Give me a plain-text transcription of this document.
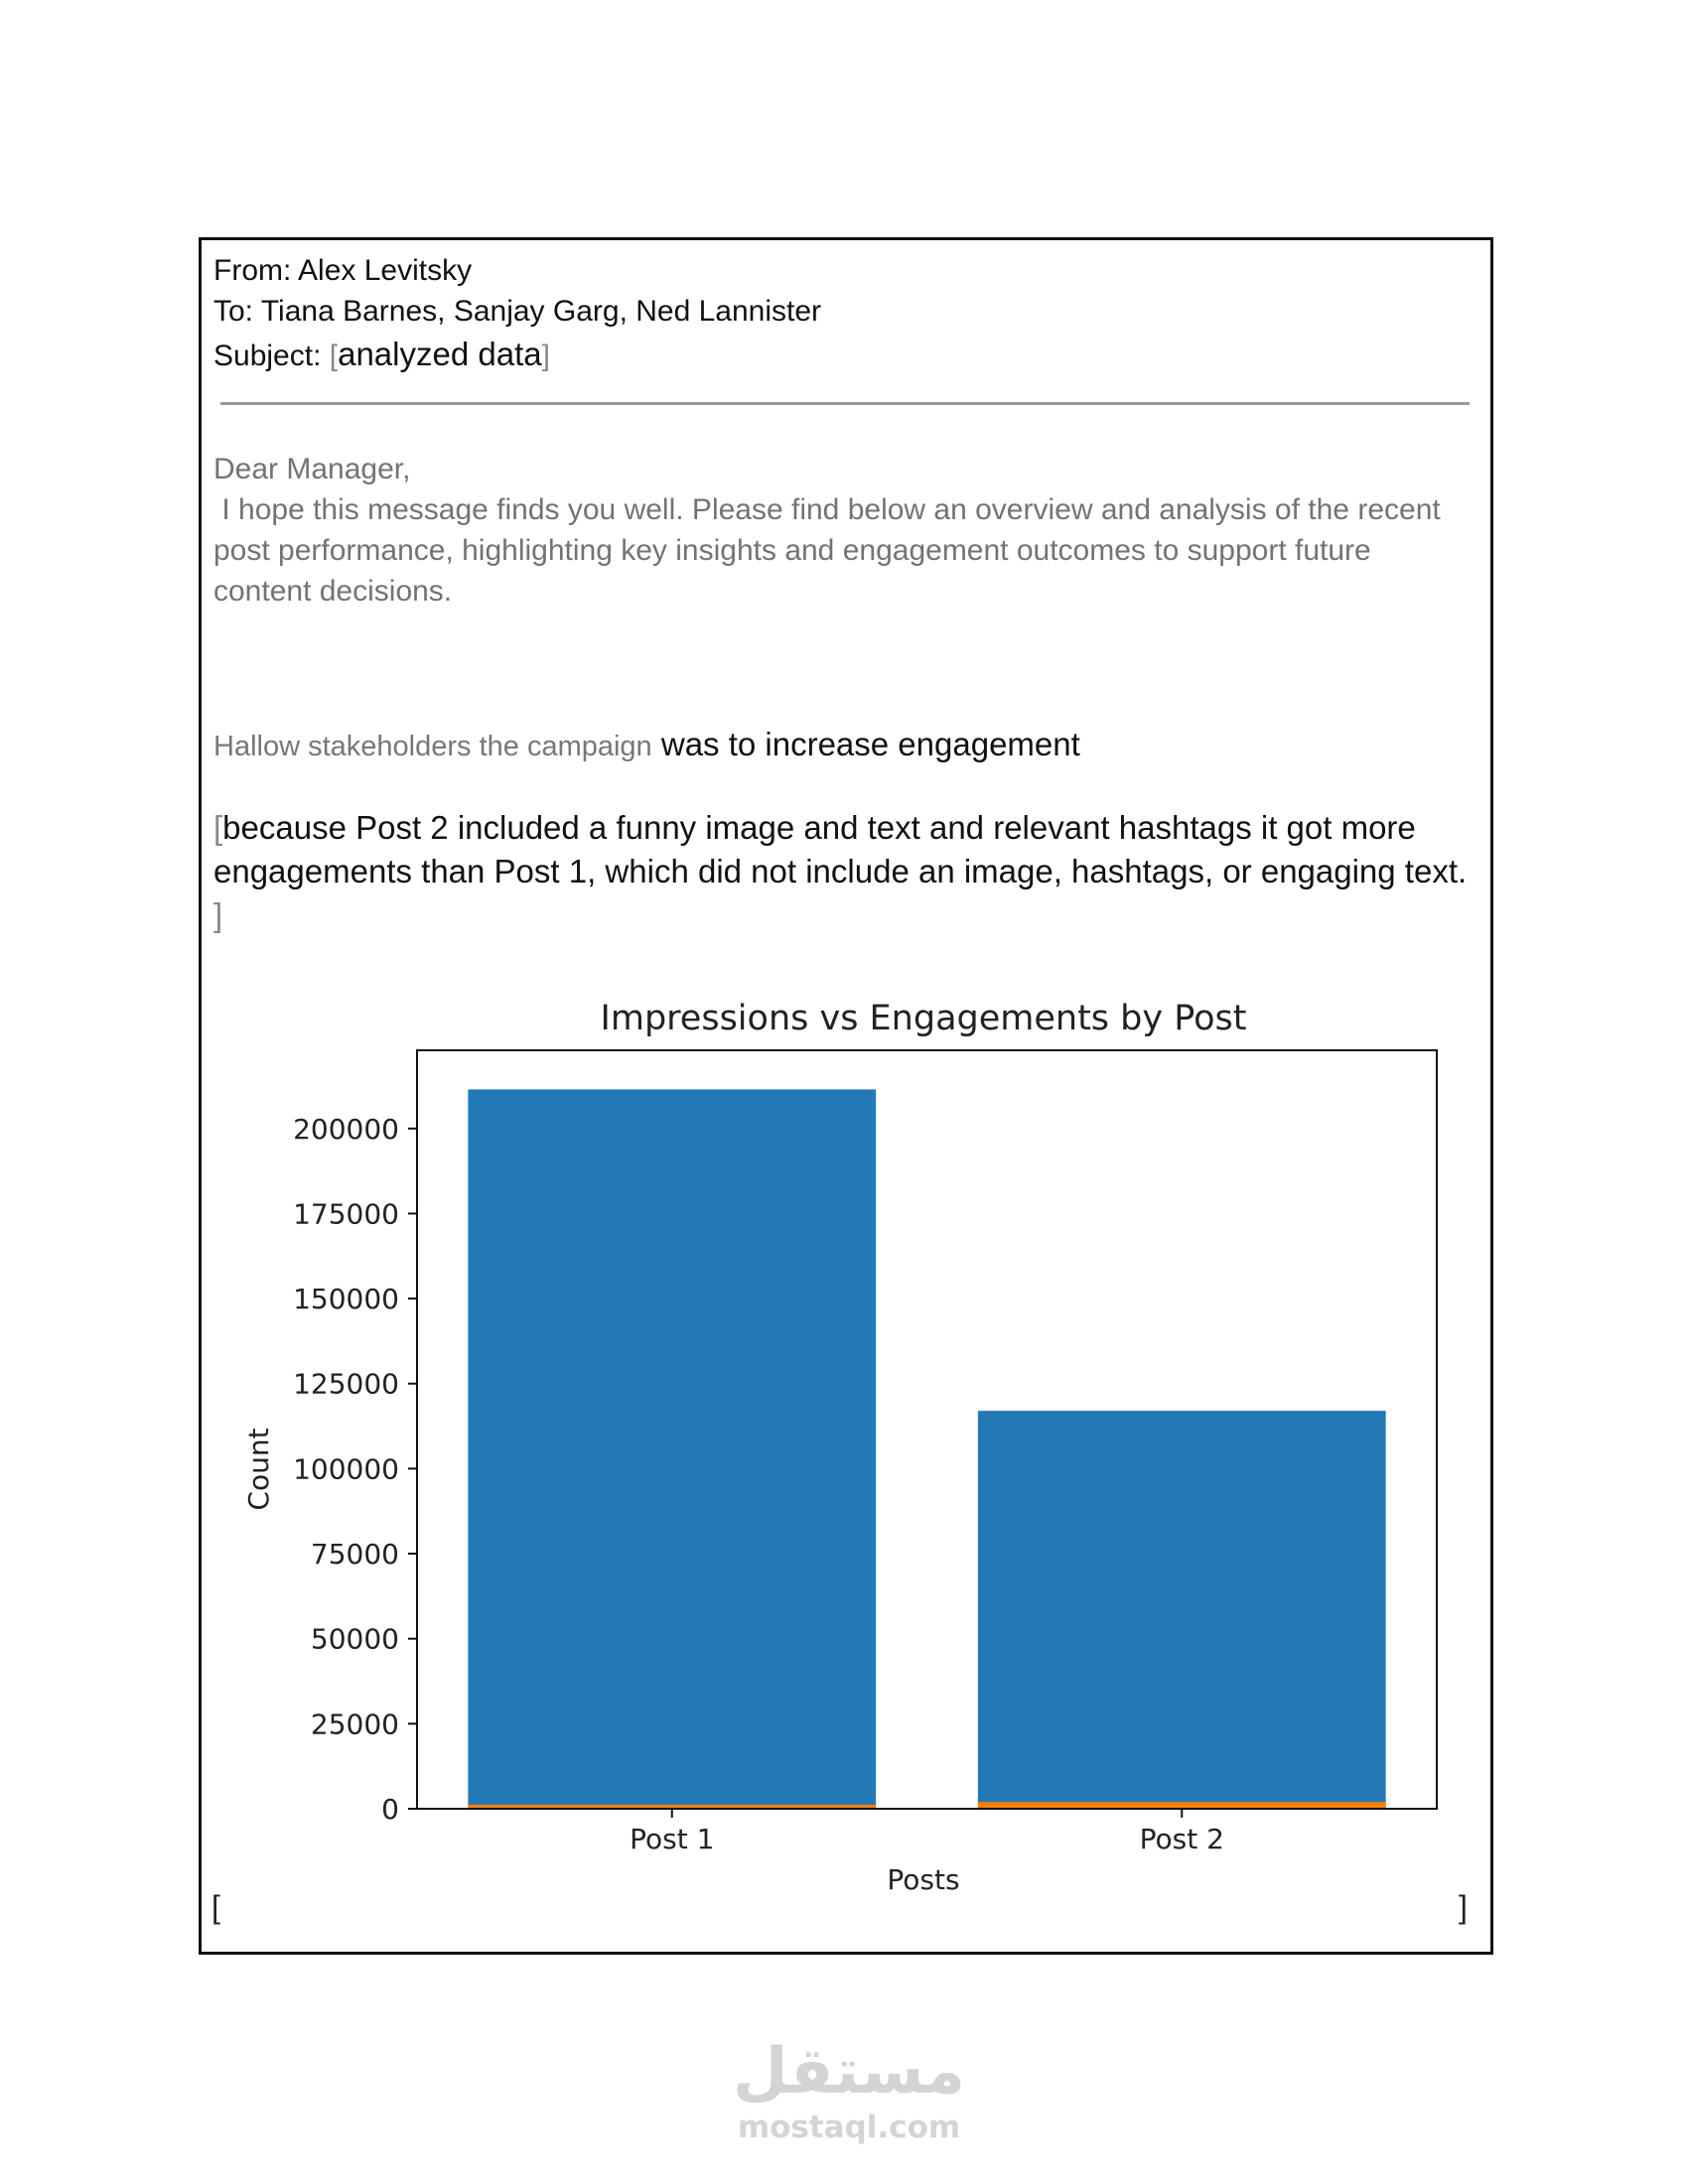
From: Alex Levitsky
To: Tiana Barnes, Sanjay Garg, Ned Lannister
Subject: [analyzed data]
Dear Manager,
I hope this message finds you well. Please find below an overview and analysis of the recent post performance, highlighting key insights and engagement outcomes to support future content decisions.
Hallow stakeholders the campaign was to increase engagement
[because Post 2 included a funny image and text and relevant hashtags it got more engagements than Post 1, which did not include an image, hashtags, or engaging text. ]
Impressions vs Engagements by Post
0
25000
50000
75000
100000
125000
150000
175000
200000
Post 1	Post 2
Posts
Count
[	]
مستقل
mostaql.com
